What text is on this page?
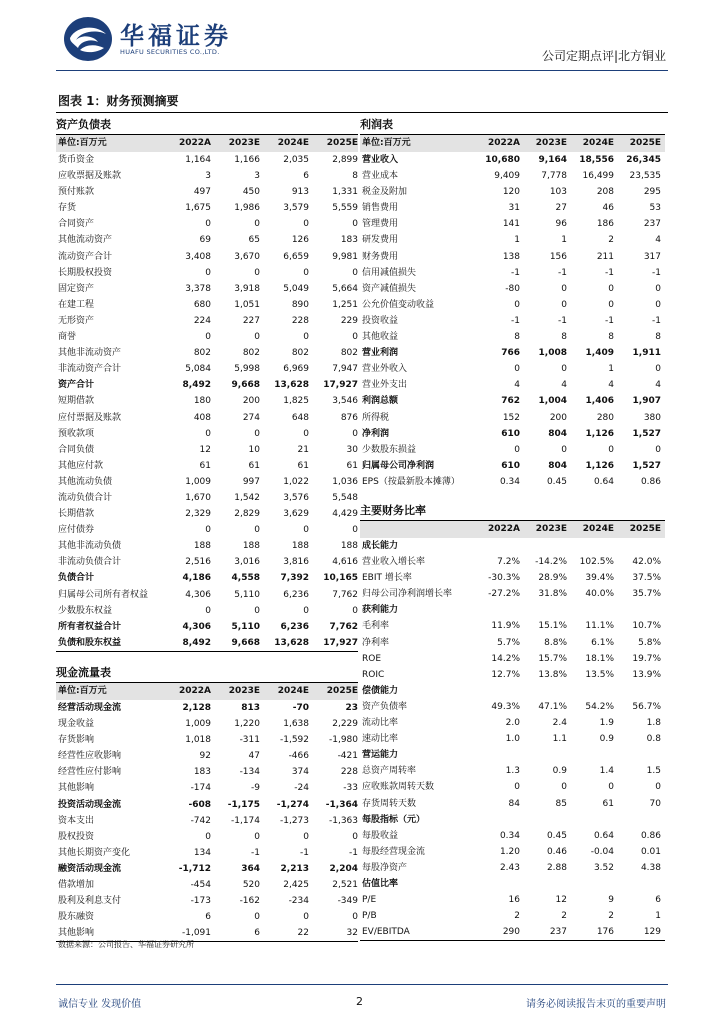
华福证券
HUAFU SECURITIES CO.,LTD.	公司定期点评|北方铜业
图表 1：财务预测摘要
资产负债表
单位:百万元	2022A	2023E	2024E	2025E
货币资金	1,164	1,166	2,035	2,899
应收票据及账款	3	3	6	8
预付账款	497	450	913	1,331
存货	1,675	1,986	3,579	5,559
合同资产	0	0	0	0
其他流动资产	69	65	126	183
流动资产合计	3,408	3,670	6,659	9,981
长期股权投资	0	0	0	0
固定资产	3,378	3,918	5,049	5,664
在建工程	680	1,051	890	1,251
无形资产	224	227	228	229
商誉	0	0	0	0
其他非流动资产	802	802	802	802
非流动资产合计	5,084	5,998	6,969	7,947
资产合计	8,492	9,668	13,628	17,927
短期借款	180	200	1,825	3,546
应付票据及账款	408	274	648	876
预收款项	0	0	0	0
合同负债	12	10	21	30
其他应付款	61	61	61	61
其他流动负债	1,009	997	1,022	1,036
流动负债合计	1,670	1,542	3,576	5,548
长期借款	2,329	2,829	3,629	4,429
应付债券	0	0	0	0
其他非流动负债	188	188	188	188
非流动负债合计	2,516	3,016	3,816	4,616
负债合计	4,186	4,558	7,392	10,165
归属母公司所有者权益	4,306	5,110	6,236	7,762
少数股东权益	0	0	0	0
所有者权益合计	4,306	5,110	6,236	7,762
负债和股东权益	8,492	9,668	13,628	17,927
现金流量表
单位:百万元	2022A	2023E	2024E	2025E
经营活动现金流	2,128	813	-70	23
现金收益	1,009	1,220	1,638	2,229
存货影响	1,018	-311	-1,592	-1,980
经营性应收影响	92	47	-466	-421
经营性应付影响	183	-134	374	228
其他影响	-174	-9	-24	-33
投资活动现金流	-608	-1,175	-1,274	-1,364
资本支出	-742	-1,174	-1,273	-1,363
股权投资	0	0	0	0
其他长期资产变化	134	-1	-1	-1
融资活动现金流	-1,712	364	2,213	2,204
借款增加	-454	520	2,425	2,521
股利及利息支付	-173	-162	-234	-349
股东融资	6	0	0	0
其他影响	-1,091	6	22	32
利润表
单位:百万元	2022A	2023E	2024E	2025E
营业收入	10,680	9,164	18,556	26,345
营业成本	9,409	7,778	16,499	23,535
税金及附加	120	103	208	295
销售费用	31	27	46	53
管理费用	141	96	186	237
研发费用	1	1	2	4
财务费用	138	156	211	317
信用减值损失	-1	-1	-1	-1
资产减值损失	-80	0	0	0
公允价值变动收益	0	0	0	0
投资收益	-1	-1	-1	-1
其他收益	8	8	8	8
营业利润	766	1,008	1,409	1,911
营业外收入	0	0	1	0
营业外支出	4	4	4	4
利润总额	762	1,004	1,406	1,907
所得税	152	200	280	380
净利润	610	804	1,126	1,527
少数股东损益	0	0	0	0
归属母公司净利润	610	804	1,126	1,527
EPS（按最新股本摊薄）	0.34	0.45	0.64	0.86
主要财务比率
2022A	2023E	2024E	2025E
成长能力
营业收入增长率	7.2%	-14.2%	102.5%	42.0%
EBIT 增长率	-30.3%	28.9%	39.4%	37.5%
归母公司净利润增长率	-27.2%	31.8%	40.0%	35.7%
获利能力
毛利率	11.9%	15.1%	11.1%	10.7%
净利率	5.7%	8.8%	6.1%	5.8%
ROE	14.2%	15.7%	18.1%	19.7%
ROIC	12.7%	13.8%	13.5%	13.9%
偿债能力
资产负债率	49.3%	47.1%	54.2%	56.7%
流动比率	2.0	2.4	1.9	1.8
速动比率	1.0	1.1	0.9	0.8
营运能力
总资产周转率	1.3	0.9	1.4	1.5
应收账款周转天数	0	0	0	0
存货周转天数	84	85	61	70
每股指标（元）
每股收益	0.34	0.45	0.64	0.86
每股经营现金流	1.20	0.46	-0.04	0.01
每股净资产	2.43	2.88	3.52	4.38
估值比率
P/E	16	12	9	6
P/B	2	2	2	1
EV/EBITDA	290	237	176	129
数据来源：公司报告、华福证券研究所
诚信专业 发现价值	2	请务必阅读报告末页的重要声明
